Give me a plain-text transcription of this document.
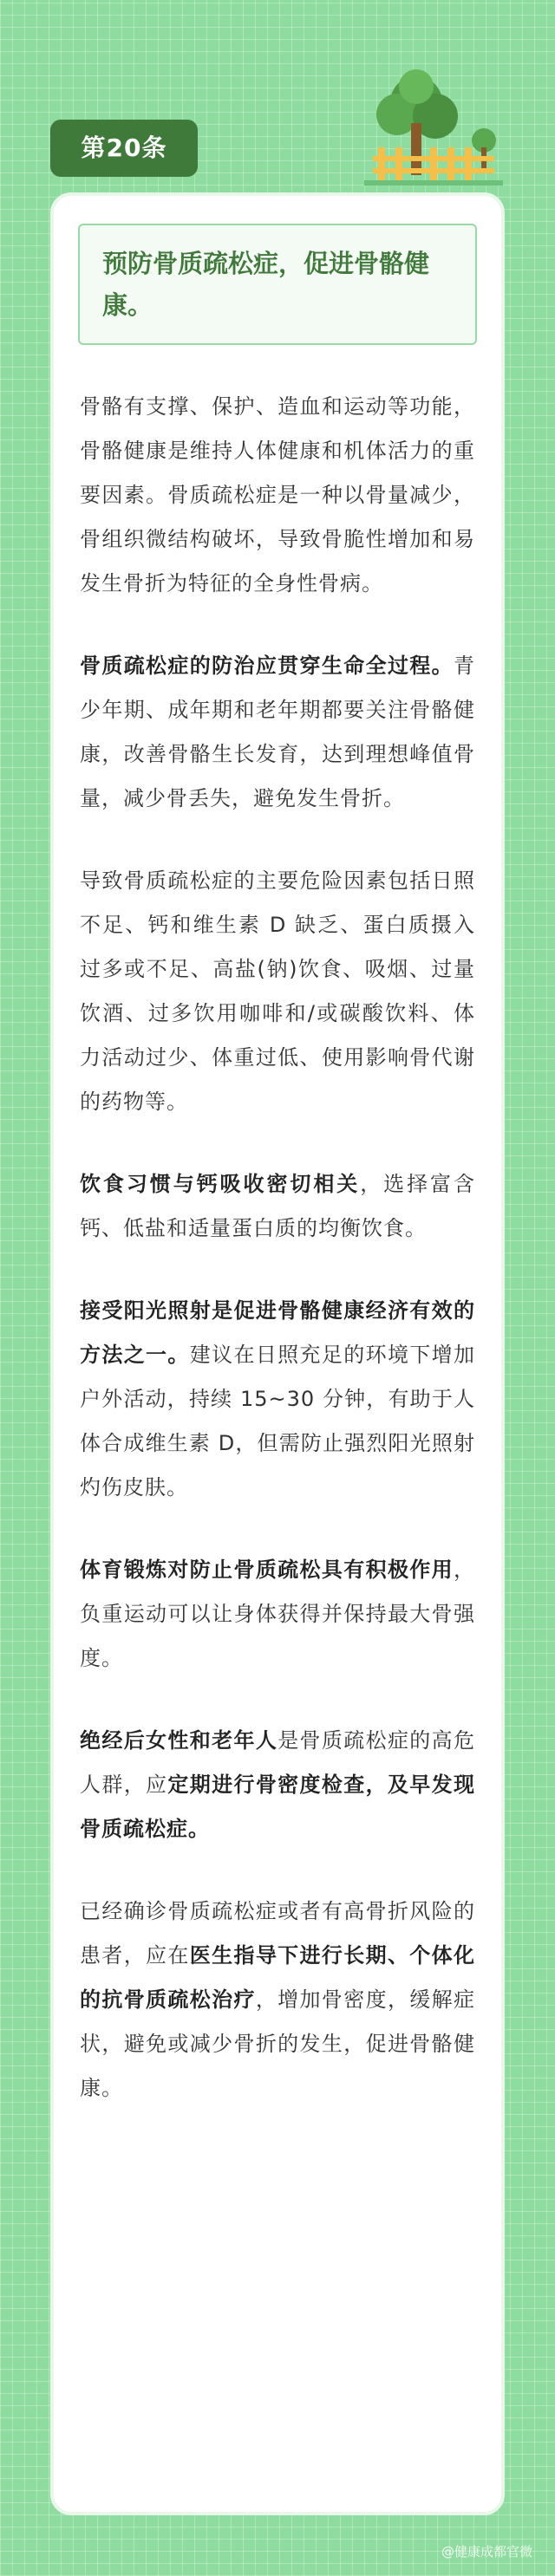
第20条
预防骨质疏松症，促进骨骼健康。

骨骼有支撑、保护、造血和运动等功能，骨骼健康是维持人体健康和机体活力的重要因素。骨质疏松症是一种以骨量减少，骨组织微结构破坏，导致骨脆性增加和易发生骨折为特征的全身性骨病。

骨质疏松症的防治应贯穿生命全过程。青少年期、成年期和老年期都要关注骨骼健康，改善骨骼生长发育，达到理想峰值骨量，减少骨丢失，避免发生骨折。

导致骨质疏松症的主要危险因素包括日照不足、钙和维生素 D 缺乏、蛋白质摄入过多或不足、高盐(钠)饮食、吸烟、过量饮酒、过多饮用咖啡和/或碳酸饮料、体力活动过少、体重过低、使用影响骨代谢的药物等。

饮食习惯与钙吸收密切相关，选择富含钙、低盐和适量蛋白质的均衡饮食。

接受阳光照射是促进骨骼健康经济有效的方法之一。建议在日照充足的环境下增加户外活动，持续 15~30 分钟，有助于人体合成维生素 D，但需防止强烈阳光照射灼伤皮肤。

体育锻炼对防止骨质疏松具有积极作用，负重运动可以让身体获得并保持最大骨强度。

绝经后女性和老年人是骨质疏松症的高危人群，应定期进行骨密度检查，及早发现骨质疏松症。

已经确诊骨质疏松症或者有高骨折风险的患者，应在医生指导下进行长期、个体化的抗骨质疏松治疗，增加骨密度，缓解症状，避免或减少骨折的发生，促进骨骼健康。

@健康成都官微
